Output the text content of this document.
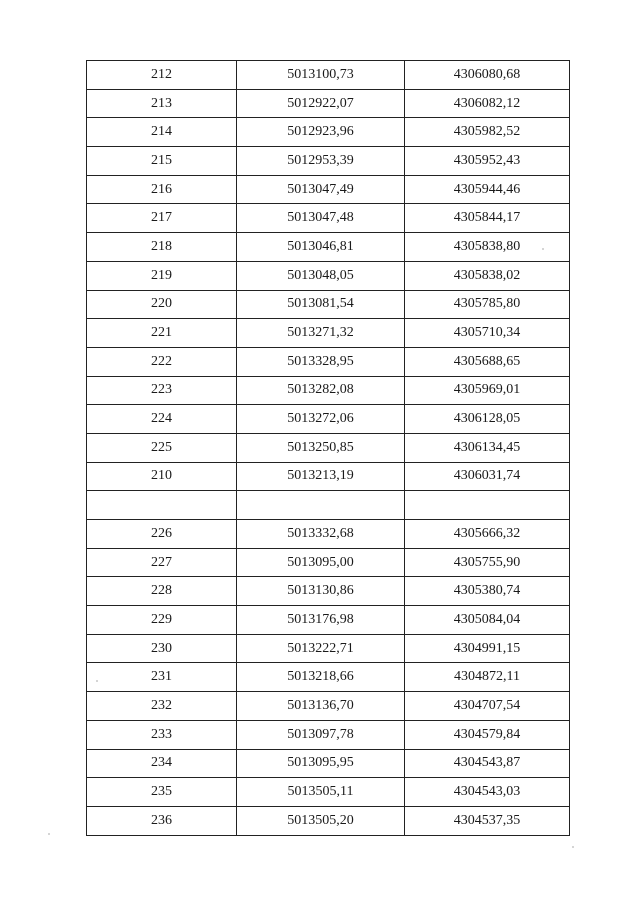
212	5013100,73	4306080,68
213	5012922,07	4306082,12
214	5012923,96	4305982,52
215	5012953,39	4305952,43
216	5013047,49	4305944,46
217	5013047,48	4305844,17
218	5013046,81	4305838,80
219	5013048,05	4305838,02
220	5013081,54	4305785,80
221	5013271,32	4305710,34
222	5013328,95	4305688,65
223	5013282,08	4305969,01
224	5013272,06	4306128,05
225	5013250,85	4306134,45
210	5013213,19	4306031,74

226	5013332,68	4305666,32
227	5013095,00	4305755,90
228	5013130,86	4305380,74
229	5013176,98	4305084,04
230	5013222,71	4304991,15
231	5013218,66	4304872,11
232	5013136,70	4304707,54
233	5013097,78	4304579,84
234	5013095,95	4304543,87
235	5013505,11	4304543,03
236	5013505,20	4304537,35
